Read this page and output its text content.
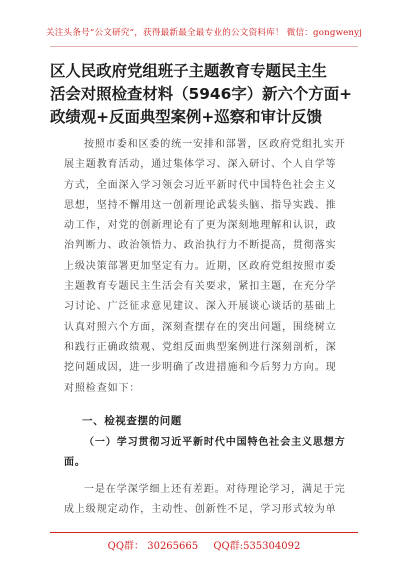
关注头条号“公文研究”，获得最新最全最专业的公文资料库！ 微信：gongwenyj
区人民政府党组班子主题教育专题民主生
活会对照检查材料（5946字）新六个方面+
政绩观+反面典型案例+巡察和审计反馈
按照市委和区委的统一安排和部署，区政府党组扎实开
展主题教育活动，通过集体学习、深入研讨、个人自学等
方式，全面深入学习领会习近平新时代中国特色社会主义
思想，坚持不懈用这一创新理论武装头脑、指导实践、推
动工作，对党的创新理论有了更为深刻地理解和认识，政
治判断力、政治领悟力、政治执行力不断提高，贯彻落实
上级决策部署更加坚定有力。近期，区政府党组按照市委
主题教育专题民主生活会有关要求，紧扣主题，在充分学
习讨论、广泛征求意见建议、深入开展谈心谈话的基础上
认真对照六个方面，深刻查摆存在的突出问题，围绕树立
和践行正确政绩观、党组反面典型案例进行深刻剖析，深
挖问题成因，进一步明确了改进措施和今后努力方向。现
对照检查如下：
一、检视查摆的问题
（一）学习贯彻习近平新时代中国特色社会主义思想方
面。
一是在学深学细上还有差距。对待理论学习，满足于完
成上级规定动作，主动性、创新性不足，学习形式较为单
QQ群： 30265665 QQ群:535304092
